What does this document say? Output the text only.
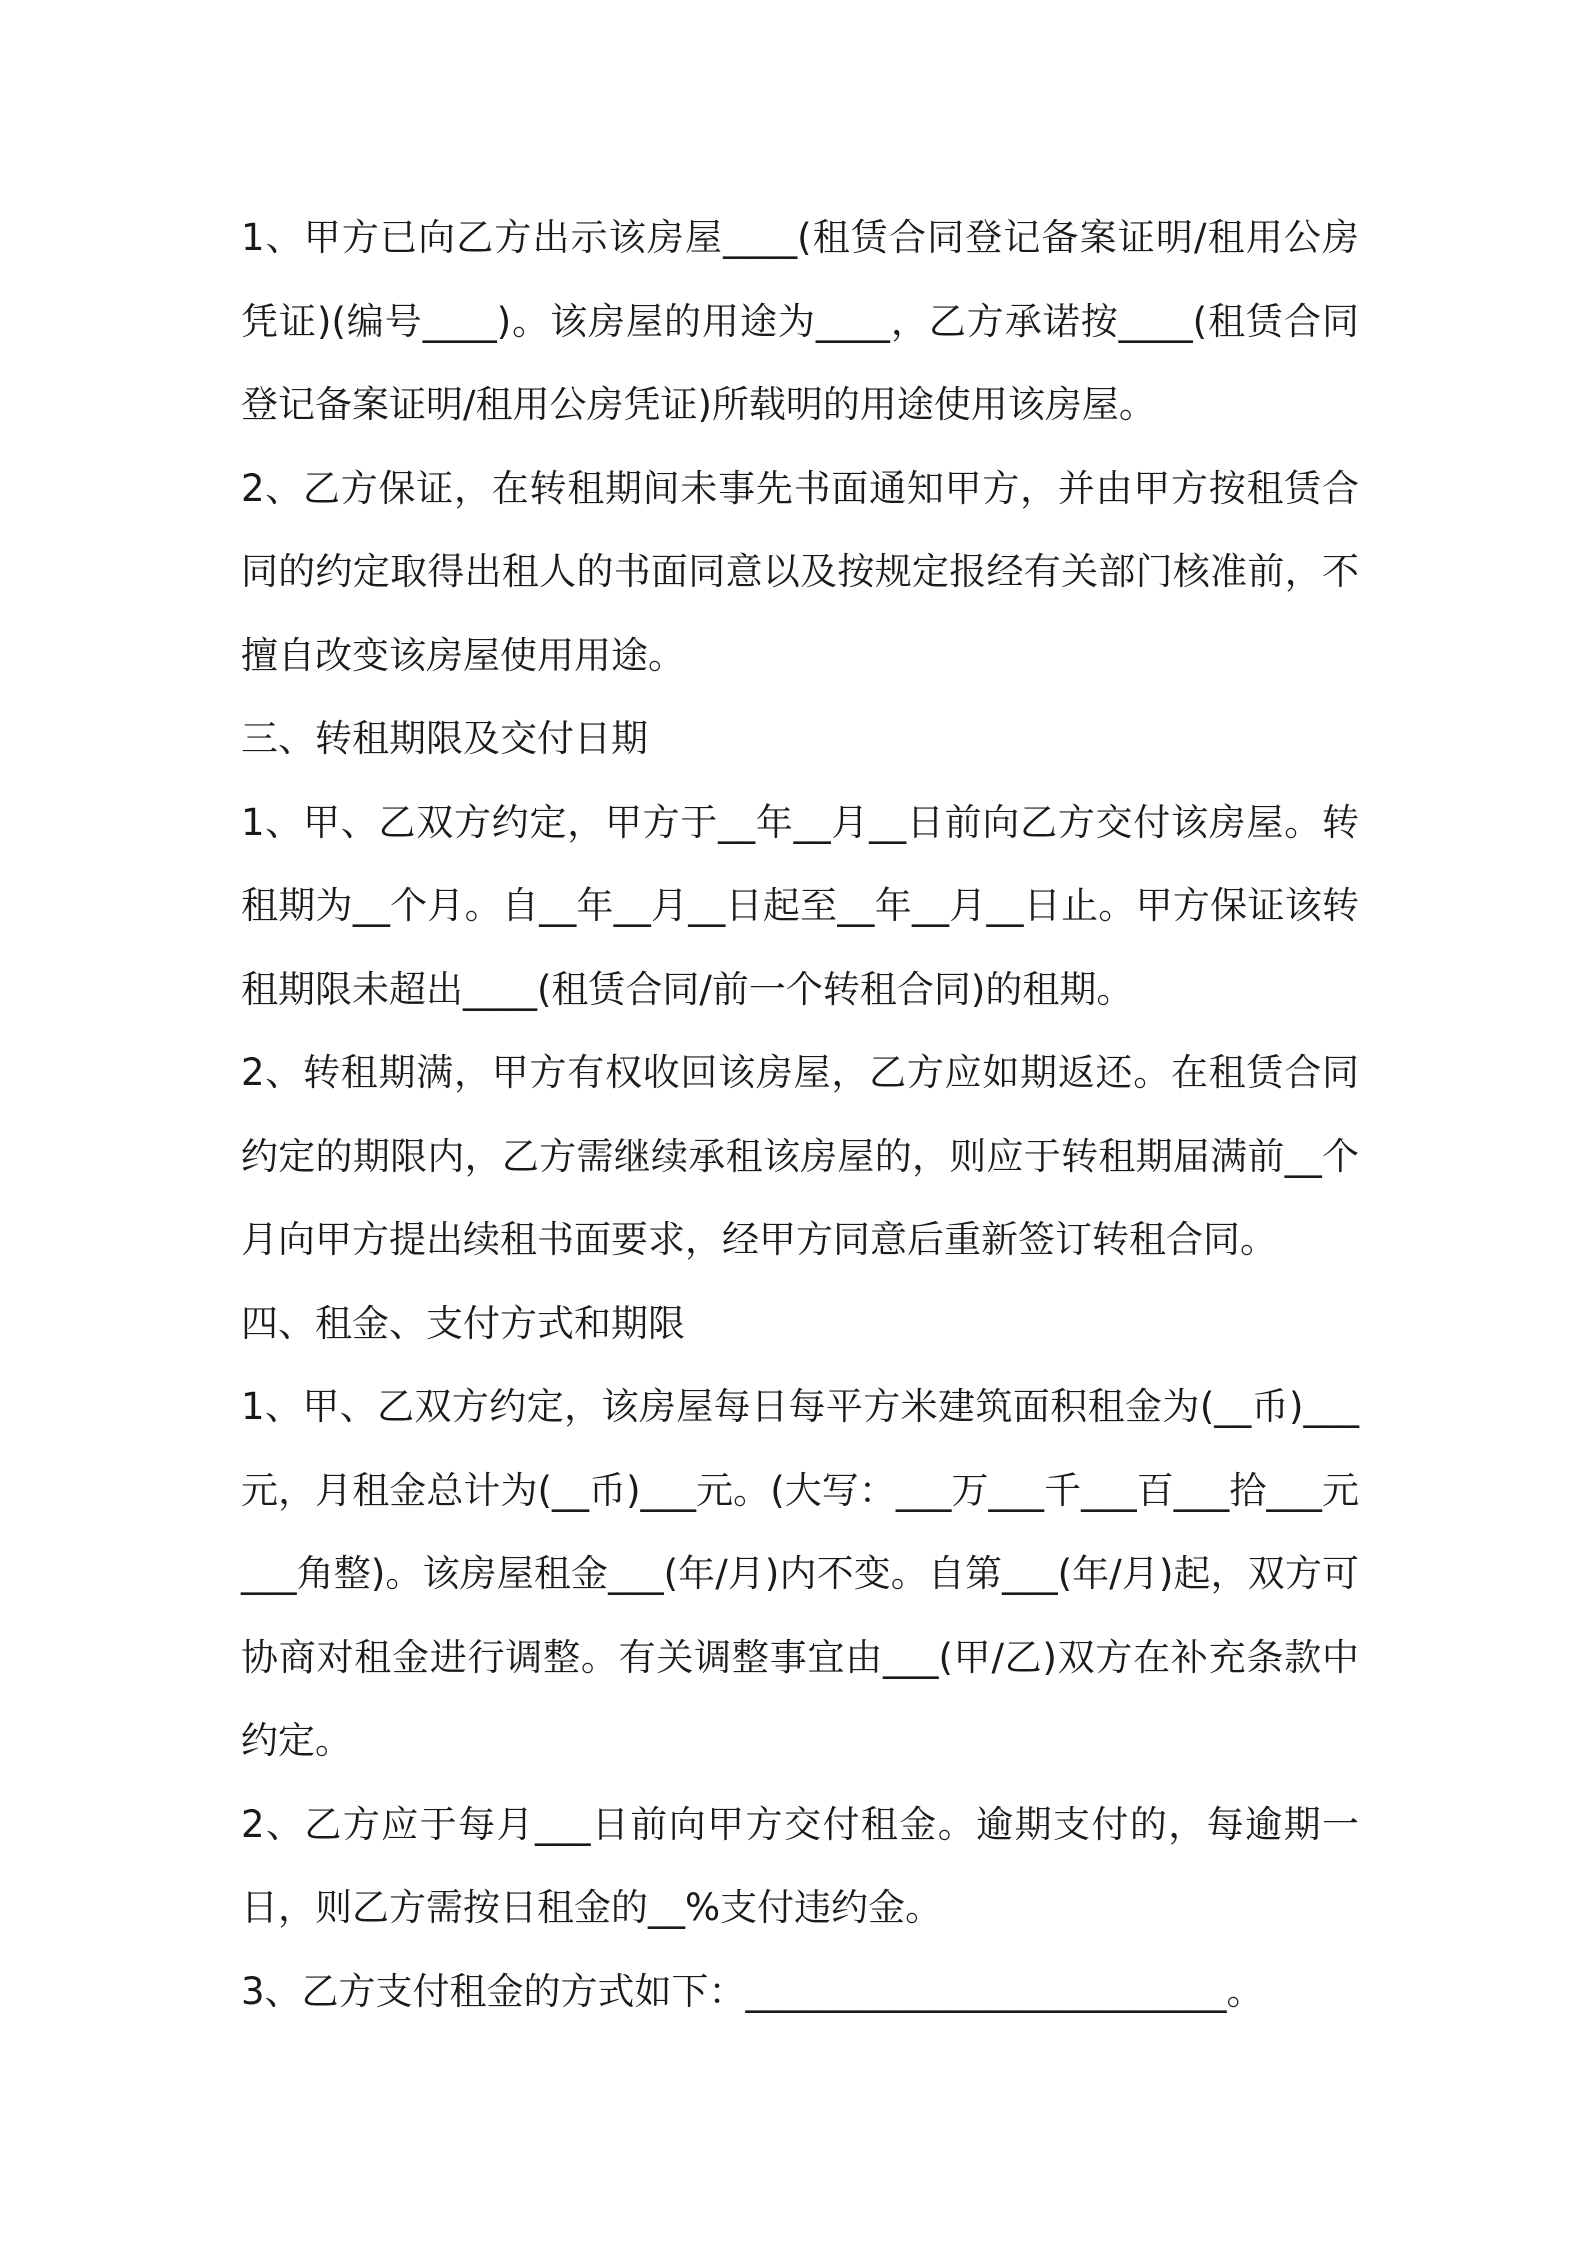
1、甲方已向乙方出示该房屋____(租赁合同登记备案证明/租用公房凭证)(编号____)。该房屋的用途为____，乙方承诺按____(租赁合同登记备案证明/租用公房凭证)所载明的用途使用该房屋。

2、乙方保证，在转租期间未事先书面通知甲方，并由甲方按租赁合同的约定取得出租人的书面同意以及按规定报经有关部门核准前，不擅自改变该房屋使用用途。

三、转租期限及交付日期

1、甲、乙双方约定，甲方于__年__月__日前向乙方交付该房屋。转租期为__个月。自__年__月__日起至__年__月__日止。甲方保证该转租期限未超出____(租赁合同/前一个转租合同)的租期。

2、转租期满，甲方有权收回该房屋，乙方应如期返还。在租赁合同约定的期限内，乙方需继续承租该房屋的，则应于转租期届满前__个月向甲方提出续租书面要求，经甲方同意后重新签订转租合同。

四、租金、支付方式和期限

1、甲、乙双方约定，该房屋每日每平方米建筑面积租金为(__币)___元，月租金总计为(__币)___元。(大写：___万___千___百___拾___元___角整)。该房屋租金___(年/月)内不变。自第___(年/月)起，双方可协商对租金进行调整。有关调整事宜由___(甲/乙)双方在补充条款中约定。

2、乙方应于每月___日前向甲方交付租金。逾期支付的，每逾期一日，则乙方需按日租金的__%支付违约金。

3、乙方支付租金的方式如下：__________________________。
